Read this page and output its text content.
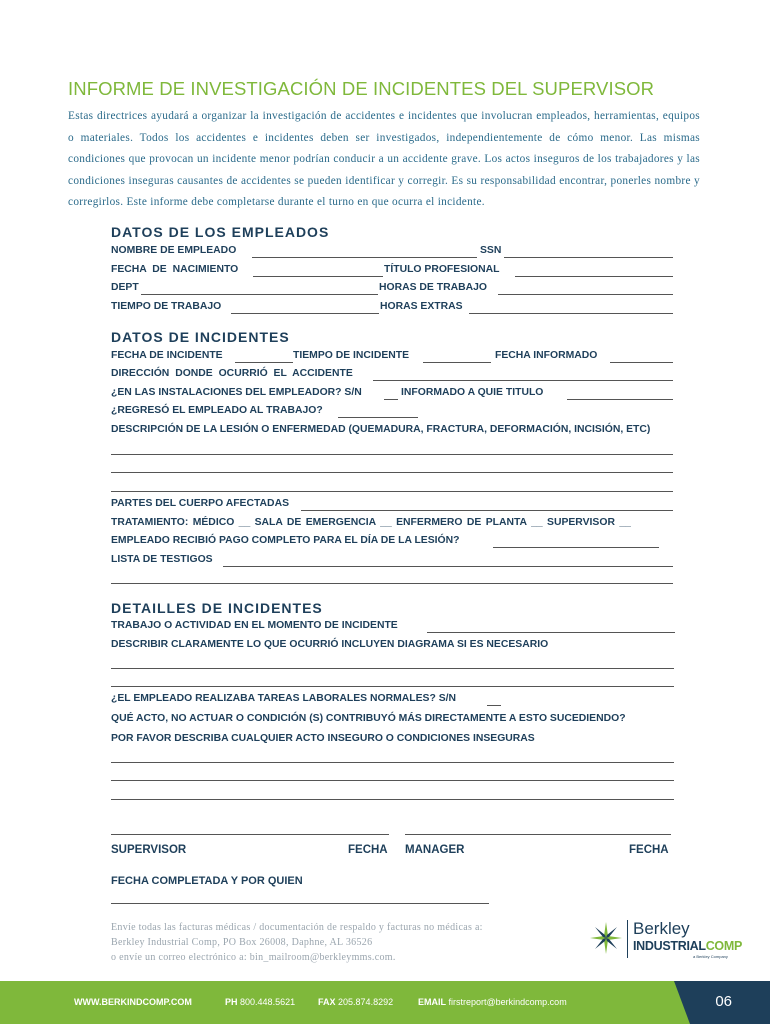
INFORME DE INVESTIGACIÓN DE INCIDENTES DEL SUPERVISOR
Estas directrices ayudará a organizar la investigación de accidentes e incidentes que involucran empleados, herramientas, equipos o materiales. Todos los accidentes e incidentes deben ser investigados, independientemente de cómo menor. Las mismas condiciones que provocan un incidente menor podrían conducir a un accidente grave. Los actos inseguros de los trabajadores y las condiciones inseguras causantes de accidentes se pueden identificar y corregir. Es su responsabilidad encontrar, ponerles nombre y corregirlos. Este informe debe completarse durante el turno en que ocurra el incidente.
DATOS DE LOS EMPLEADOS
NOMBRE DE EMPLEADO	SSN
FECHA DE NACIMIENTO	TÍTULO PROFESIONAL
DEPT	HORAS DE TRABAJO
TIEMPO DE TRABAJO	HORAS EXTRAS
DATOS DE INCIDENTES
FECHA DE INCIDENTE	TIEMPO DE INCIDENTE	FECHA INFORMADO
DIRECCIÓN DONDE OCURRIÓ EL ACCIDENTE
¿EN LAS INSTALACIONES DEL EMPLEADOR? S/N	INFORMADO A QUIE TITULO
¿REGRESÓ EL EMPLEADO AL TRABAJO?
DESCRIPCIÓN DE LA LESIÓN O ENFERMEDAD (QUEMADURA, FRACTURA, DEFORMACIÓN, INCISIÓN, ETC)
PARTES DEL CUERPO AFECTADAS
TRATAMIENTO: MÉDICO __ SALA DE EMERGENCIA __ ENFERMERO DE PLANTA __ SUPERVISOR __
EMPLEADO RECIBIÓ PAGO COMPLETO PARA EL DÍA DE LA LESIÓN?
LISTA DE TESTIGOS
DETAILLES DE INCIDENTES
TRABAJO O ACTIVIDAD EN EL MOMENTO DE INCIDENTE
DESCRIBIR CLARAMENTE LO QUE OCURRIÓ INCLUYEN DIAGRAMA SI ES NECESARIO
¿EL EMPLEADO REALIZABA TAREAS LABORALES NORMALES? S/N
QUÉ ACTO, NO ACTUAR O CONDICIÓN (S) CONTRIBUYÓ MÁS DIRECTAMENTE A ESTO SUCEDIENDO?
POR FAVOR DESCRIBA CUALQUIER ACTO INSEGURO O CONDICIONES INSEGURAS
SUPERVISOR	FECHA MANAGER	FECHA
FECHA COMPLETADA Y POR QUIEN
Envíe todas las facturas médicas / documentación de respaldo y facturas no médicas a:
Berkley Industrial Comp, PO Box 26008, Daphne, AL 36526
o envíe un correo electrónico a: bin_mailroom@berkleymms.com.
Berkley
INDUSTRIALCOMP
a Berkley Company
WWW.BERKINDCOMP.COM	PH 800.448.5621	FAX 205.874.8292	EMAIL firstreport@berkindcomp.com	06
